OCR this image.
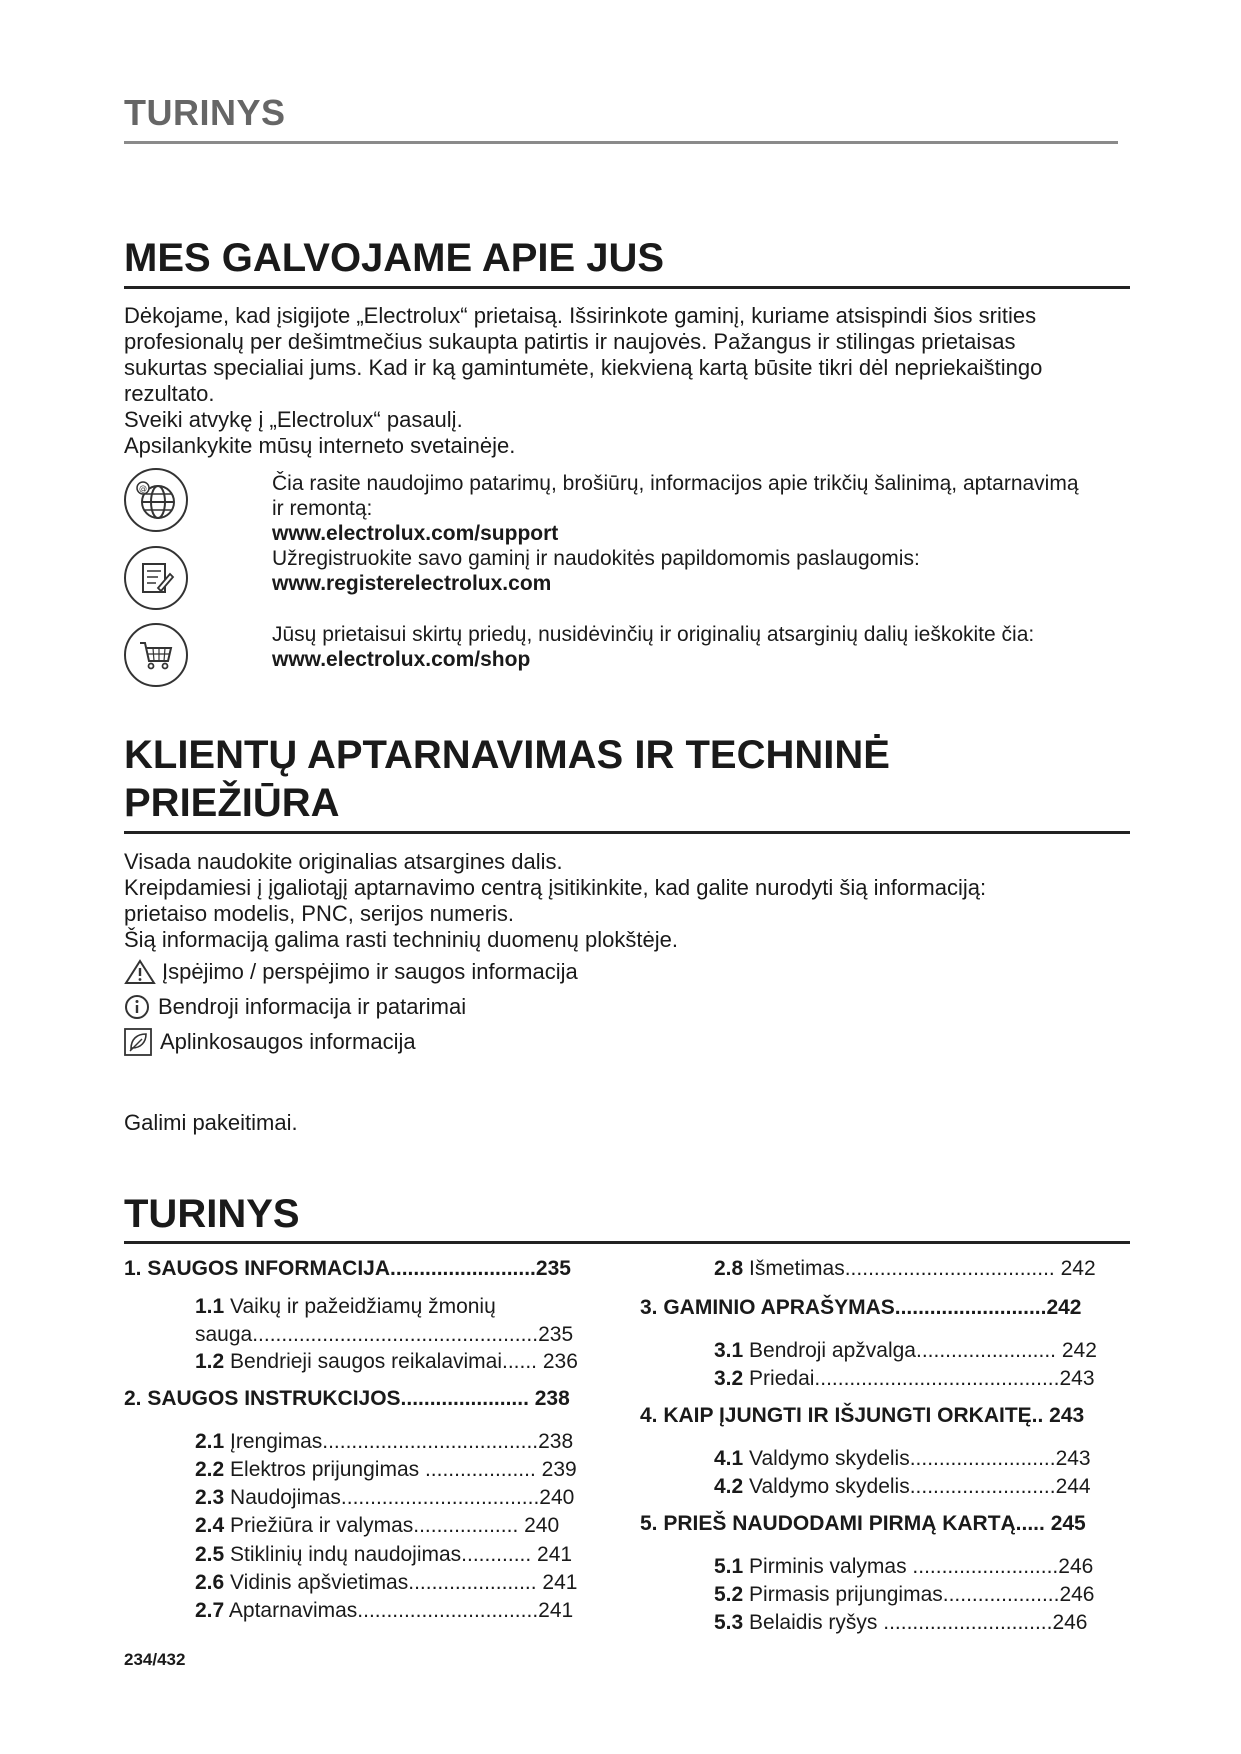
TURINYS
MES GALVOJAME APIE JUS

Dėkojame, kad įsigijote „Electrolux“ prietaisą. Išsirinkote gaminį, kuriame atsispindi šios srities

profesionalų per dešimtmečius sukaupta patirtis ir naujovės. Pažangus ir stilingas prietaisas

sukurtas specialiai jums. Kad ir ką gamintumėte, kiekvieną kartą būsite tikri dėl nepriekaištingo

rezultato.

Sveiki atvykę į „Electrolux“ pasaulį.

Apsilankykite mūsų interneto svetainėje.

@	Čia rasite naudojimo patarimų, brošiūrų, informacijos apie trikčių šalinimą, aptarnavimą

ir remontą:

www.electrolux.com/support

Užregistruokite savo gaminį ir naudokitės papildomomis paslaugomis:

www.registerelectrolux.com

Jūsų prietaisui skirtų priedų, nusidėvinčių ir originalių atsarginių dalių ieškokite čia:

www.electrolux.com/shop

KLIENTŲ APTARNAVIMAS IR TECHNINĖ
PRIEŽIŪRA

Visada naudokite originalias atsargines dalis.

Kreipdamiesi į įgaliotąjį aptarnavimo centrą įsitikinkite, kad galite nurodyti šią informaciją:

prietaiso modelis, PNC, serijos numeris.

Šią informaciją galima rasti techninių duomenų plokštėje.

Įspėjimo / perspėjimo ir saugos informacija
Bendroji informacija ir patarimai
Aplinkosaugos informacija
Galimi pakeitimai.
TURINYS
1. SAUGOS INFORMACIJA.........................235
1.1 Vaikų ir pažeidžiamų žmonių
sauga.................................................235
1.2 Bendrieji saugos reikalavimai...... 236
2. SAUGOS INSTRUKCIJOS...................... 238
2.1 Įrengimas.....................................238
2.2 Elektros prijungimas ................... 239
2.3 Naudojimas..................................240
2.4 Priežiūra ir valymas.................. 240
2.5 Stiklinių indų naudojimas............ 241
2.6 Vidinis apšvietimas...................... 241
2.7 Aptarnavimas...............................241
2.8 Išmetimas.................................... 242
3. GAMINIO APRAŠYMAS..........................242
3.1 Bendroji apžvalga........................ 242
3.2 Priedai..........................................243
4. KAIP ĮJUNGTI IR IŠJUNGTI ORKAITĘ.. 243
4.1 Valdymo skydelis.........................243
4.2 Valdymo skydelis.........................244
5. PRIEŠ NAUDODAMI PIRMĄ KARTĄ..... 245
5.1 Pirminis valymas .........................246
5.2 Pirmasis prijungimas....................246
5.3 Belaidis ryšys .............................246
234/432
